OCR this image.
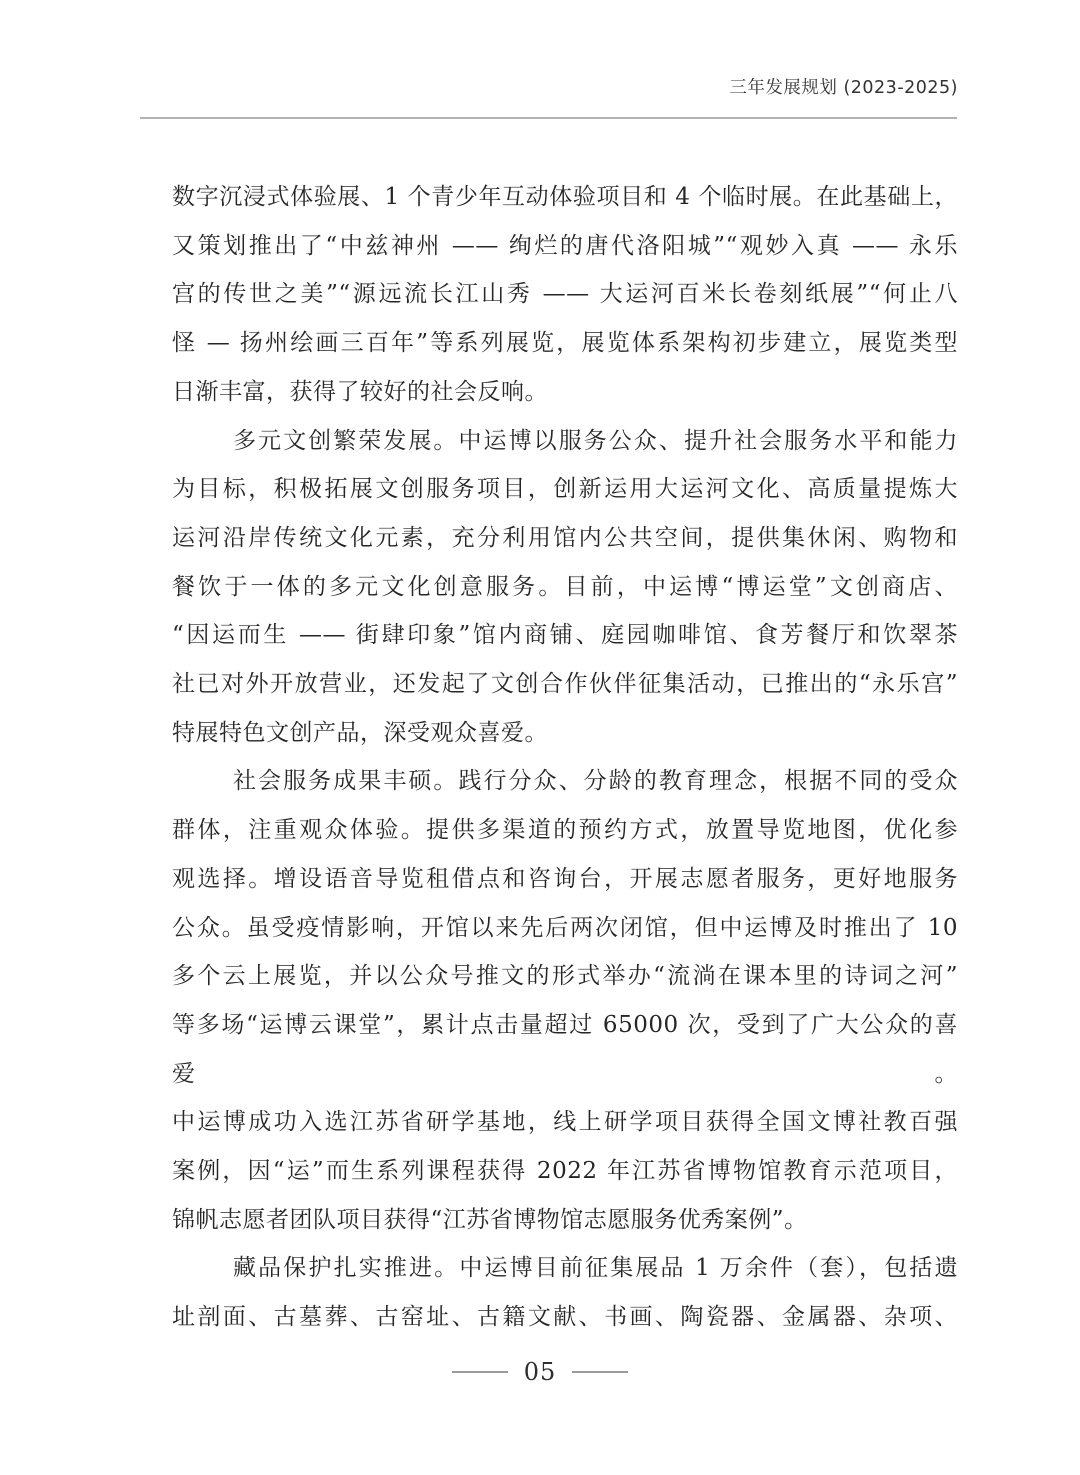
三年发展规划 (2023-2025)
数字沉浸式体验展、1 个青少年互动体验项目和 4 个临时展。在此基础上，
又策划推出了“中兹神州 —— 绚烂的唐代洛阳城”“观妙入真 —— 永乐
宫的传世之美”“源远流长江山秀 —— 大运河百米长卷刻纸展”“何止八
怪 — 扬州绘画三百年”等系列展览，展览体系架构初步建立，展览类型
日渐丰富，获得了较好的社会反响。
多元文创繁荣发展。中运博以服务公众、提升社会服务水平和能力
为目标，积极拓展文创服务项目，创新运用大运河文化、高质量提炼大
运河沿岸传统文化元素，充分利用馆内公共空间，提供集休闲、购物和
餐饮于一体的多元文化创意服务。目前，中运博“博运堂”文创商店、
“因运而生 —— 街肆印象”馆内商铺、庭园咖啡馆、食芳餐厅和饮翠茶
社已对外开放营业，还发起了文创合作伙伴征集活动，已推出的“永乐宫”
特展特色文创产品，深受观众喜爱。
社会服务成果丰硕。践行分众、分龄的教育理念，根据不同的受众
群体，注重观众体验。提供多渠道的预约方式，放置导览地图，优化参
观选择。增设语音导览租借点和咨询台，开展志愿者服务，更好地服务
公众。虽受疫情影响，开馆以来先后两次闭馆，但中运博及时推出了 10
多个云上展览，并以公众号推文的形式举办“流淌在课本里的诗词之河”
等多场“运博云课堂”，累计点击量超过 65000 次，受到了广大公众的喜爱。
中运博成功入选江苏省研学基地，线上研学项目获得全国文博社教百强
案例，因“运”而生系列课程获得 2022 年江苏省博物馆教育示范项目，
锦帆志愿者团队项目获得“江苏省博物馆志愿服务优秀案例”。
藏品保护扎实推进。中运博目前征集展品 1 万余件（套），包括遗
址剖面、古墓葬、古窑址、古籍文献、书画、陶瓷器、金属器、杂项、
05
